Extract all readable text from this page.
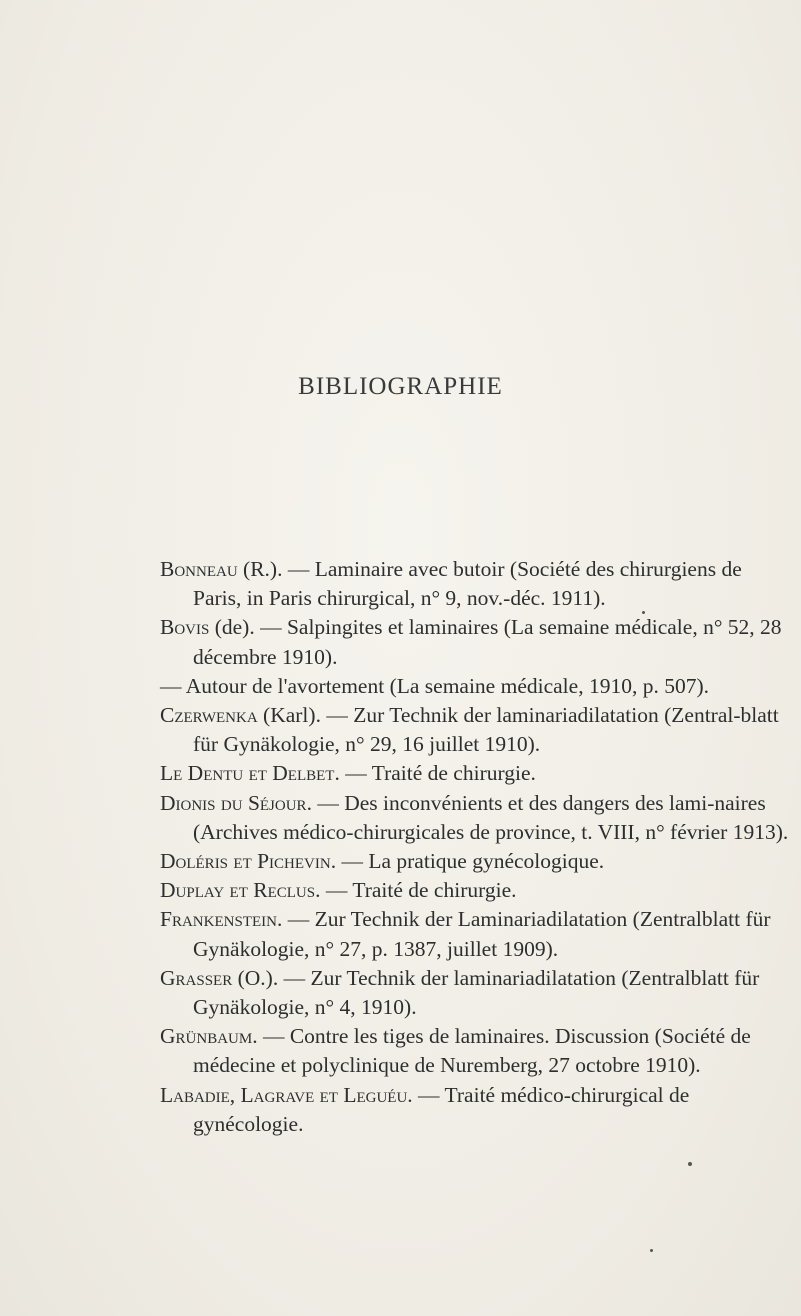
BIBLIOGRAPHIE

Bonneau (R.). — Laminaire avec butoir (Société des chirurgiens de Paris, in Paris chirurgical, n° 9, nov.-déc. 1911).

Bovis (de). — Salpingites et laminaires (La semaine médicale, n° 52, 28 décembre 1910).

— Autour de l'avortement (La semaine médicale, 1910, p. 507).

Czerwenka (Karl). — Zur Technik der laminariadilatation (Zentral-blatt für Gynäkologie, n° 29, 16 juillet 1910).

Le Dentu et Delbet. — Traité de chirurgie.

Dionis du Séjour. — Des inconvénients et des dangers des lami-naires (Archives médico-chirurgicales de province, t. VIII, n° février 1913).

Doléris et Pichevin. — La pratique gynécologique.

Duplay et Reclus. — Traité de chirurgie.

Frankenstein. — Zur Technik der Laminariadilatation (Zentralblatt für Gynäkologie, n° 27, p. 1387, juillet 1909).

Grasser (O.). — Zur Technik der laminariadilatation (Zentralblatt für Gynäkologie, n° 4, 1910).

Grünbaum. — Contre les tiges de laminaires. Discussion (Société de médecine et polyclinique de Nuremberg, 27 octobre 1910).

Labadie, Lagrave et Leguéu. — Traité médico-chirurgical de gynécologie.
